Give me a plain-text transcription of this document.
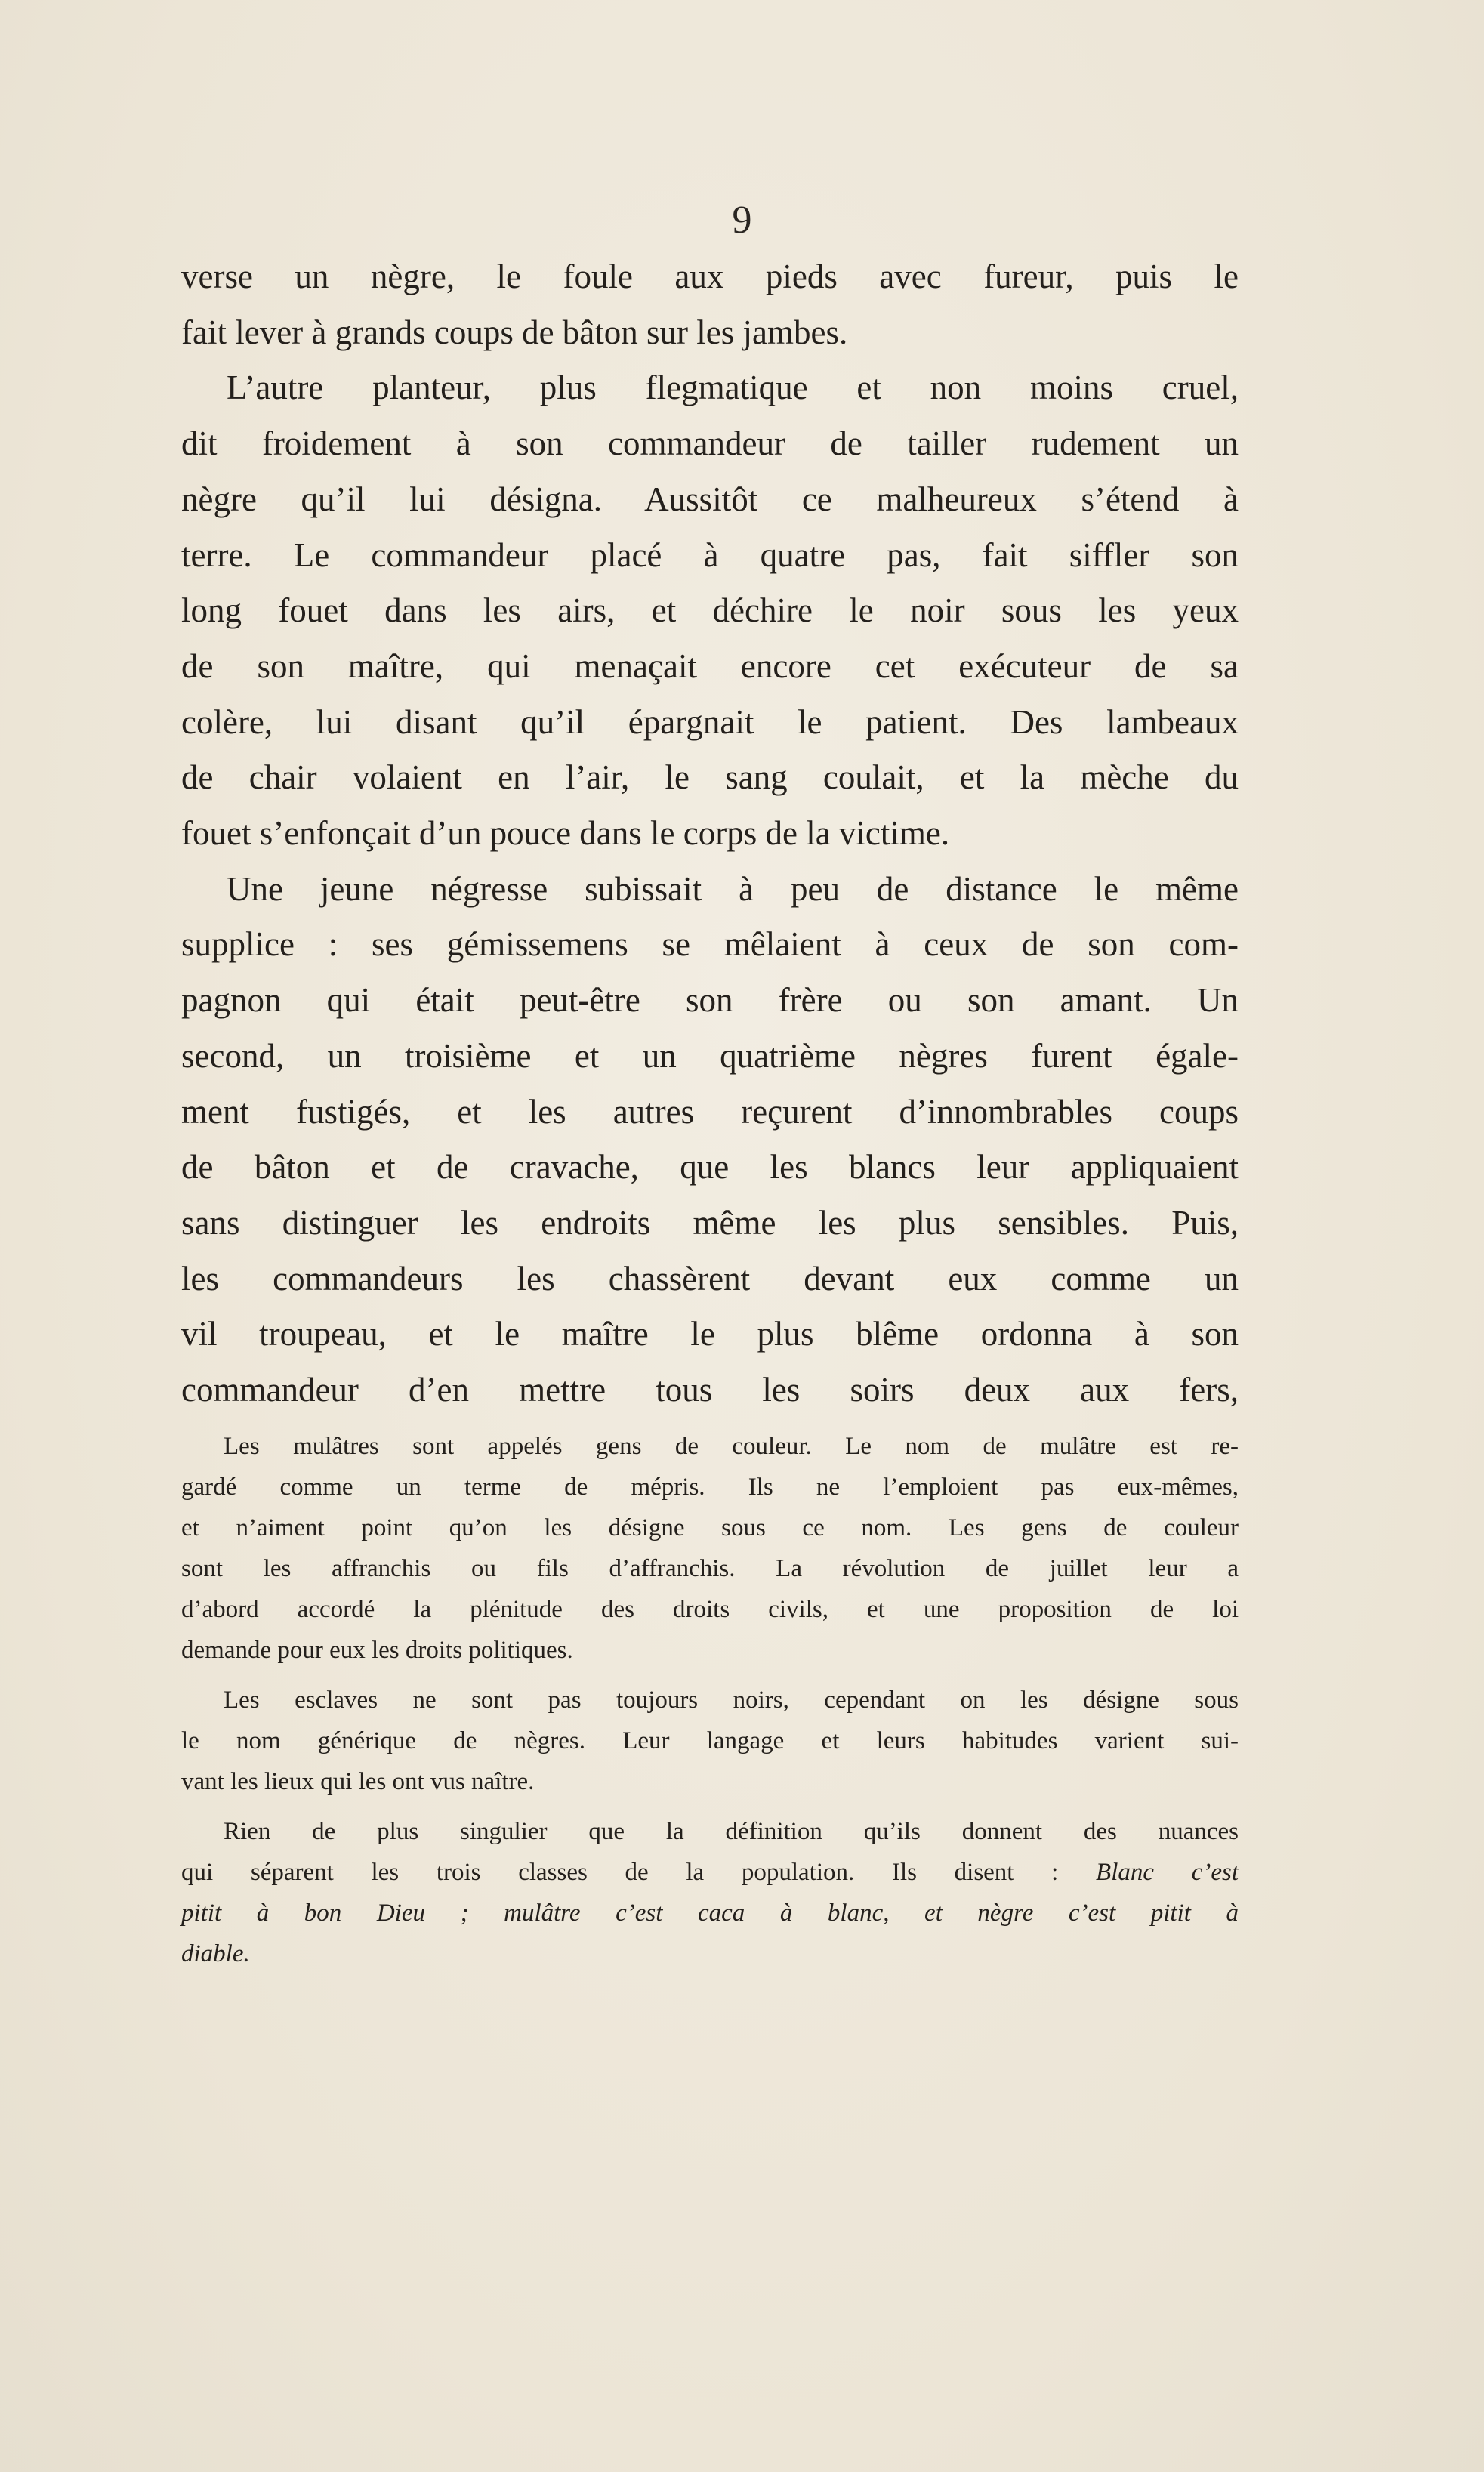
9

verse un nègre, le foule aux pieds avec fureur, puis le
fait lever à grands coups de bâton sur les jambes.

L’autre planteur, plus flegmatique et non moins cruel,
dit froidement à son commandeur de tailler rudement un
nègre qu’il lui désigna. Aussitôt ce malheureux s’étend à
terre. Le commandeur placé à quatre pas, fait siffler son
long fouet dans les airs, et déchire le noir sous les yeux
de son maître, qui menaçait encore cet exécuteur de sa
colère, lui disant qu’il épargnait le patient. Des lambeaux
de chair volaient en l’air, le sang coulait, et la mèche du
fouet s’enfonçait d’un pouce dans le corps de la victime.

Une jeune négresse subissait à peu de distance le même
supplice : ses gémissemens se mêlaient à ceux de son com-
pagnon qui était peut-être son frère ou son amant. Un
second, un troisième et un quatrième nègres furent égale-
ment fustigés, et les autres reçurent d’innombrables coups
de bâton et de cravache, que les blancs leur appliquaient
sans distinguer les endroits même les plus sensibles. Puis,
les commandeurs les chassèrent devant eux comme un
vil troupeau, et le maître le plus blême ordonna à son
commandeur d’en mettre tous les soirs deux aux fers,

Les mulâtres sont appelés gens de couleur. Le nom de mulâtre est re-
gardé comme un terme de mépris. Ils ne l’emploient pas eux-mêmes,
et n’aiment point qu’on les désigne sous ce nom. Les gens de couleur
sont les affranchis ou fils d’affranchis. La révolution de juillet leur a
d’abord accordé la plénitude des droits civils, et une proposition de loi
demande pour eux les droits politiques.
Les esclaves ne sont pas toujours noirs, cependant on les désigne sous
le nom générique de nègres. Leur langage et leurs habitudes varient sui-
vant les lieux qui les ont vus naître.
Rien de plus singulier que la définition qu’ils donnent des nuances
qui séparent les trois classes de la population. Ils disent : Blanc c’est
pitit à bon Dieu ; mulâtre c’est caca à blanc, et nègre c’est pitit à
diable.
